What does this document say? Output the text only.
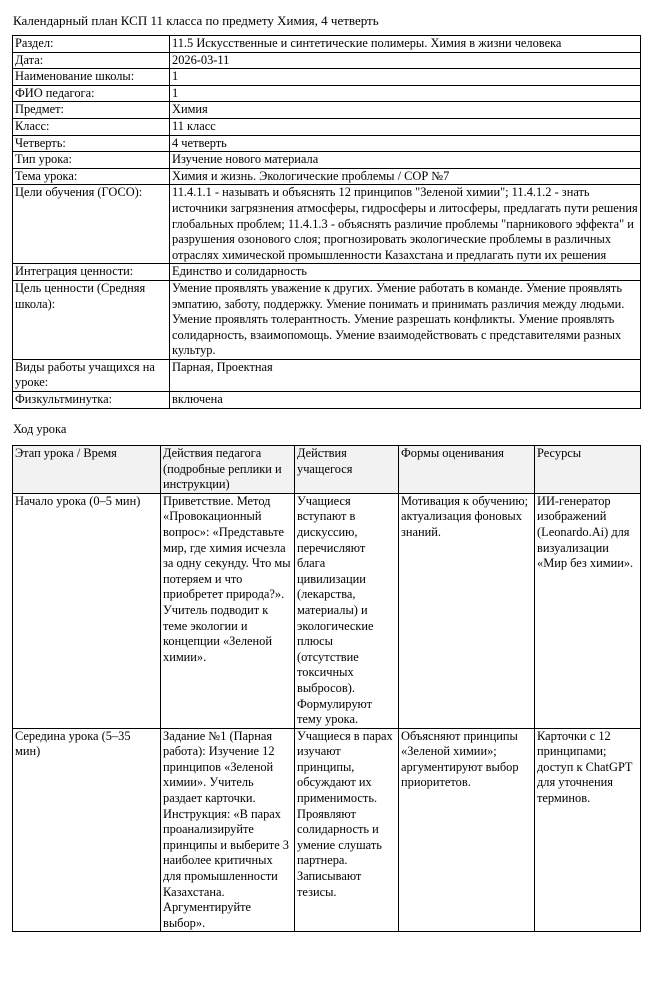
Календарный план КСП 11 класса по предмету Химия, 4 четверть
Раздел:	11.5 Искусственные и синтетические полимеры. Химия в жизни человека
Дата:	2026-03-11
Наименование школы:	1
ФИО педагога:	1
Предмет:	Химия
Класс:	11 класс
Четверть:	4 четверть
Тип урока:	Изучение нового материала
Тема урока:	Химия и жизнь. Экологические проблемы / СОР №7
Цели обучения (ГОСО):	11.4.1.1 - называть и объяснять 12 принципов "Зеленой химии"; 11.4.1.2 - знать источники загрязнения атмосферы, гидросферы и литосферы, предлагать пути решения глобальных проблем; 11.4.1.3 - объяснять различие проблемы "парникового эффекта" и разрушения озонового слоя; прогнозировать экологические проблемы в различных отраслях химической промышленности Казахстана и предлагать пути их решения
Интеграция ценности:	Единство и солидарность
Цель ценности (Средняя школа):	Умение проявлять уважение к других. Умение работать в команде. Умение проявлять эмпатию, заботу, поддержку. Умение понимать и принимать различия между людьми. Умение проявлять толерантность. Умение разрешать конфликты. Умение проявлять солидарность, взаимопомощь. Умение взаимодействовать с представителями разных культур.
Виды работы учащихся на уроке:	Парная, Проектная
Физкультминутка:	включена
Ход урока
Этап урока / Время	Действия педагога (подробные реплики и инструкции)	Действия учащегося	Формы оценивания	Ресурсы
Начало урока (0–5 мин)	Приветствие. Метод «Провокационный вопрос»: «Представьте мир, где химия исчезла за одну секунду. Что мы потеряем и что приобретет природа?». Учитель подводит к теме экологии и концепции «Зеленой химии».	Учащиеся вступают в дискуссию, перечисляют блага цивилизации (лекарства, материалы) и экологические плюсы (отсутствие токсичных выбросов). Формулируют тему урока.	Мотивация к обучению; актуализация фоновых знаний.	ИИ-генератор изображений (Leonardo.Ai) для визуализации «Мир без химии».
Середина урока (5–35 мин)	Задание №1 (Парная работа): Изучение 12 принципов «Зеленой химии». Учитель раздает карточки. Инструкция: «В парах проанализируйте принципы и выберите 3 наиболее критичных для промышленности Казахстана. Аргументируйте выбор».	Учащиеся в парах изучают принципы, обсуждают их применимость. Проявляют солидарность и умение слушать партнера. Записывают тезисы.	Объясняют принципы «Зеленой химии»; аргументируют выбор приоритетов.	Карточки с 12 принципами; доступ к ChatGPT для уточнения терминов.
